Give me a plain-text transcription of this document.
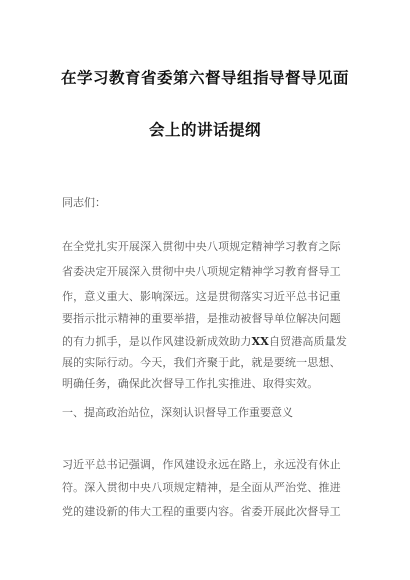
在学习教育省委第六督导组指导督导见面
会上的讲话提纲
同志们：
在全党扎实开展深入贯彻中央八项规定精神学习教育之际
省委决定开展深入贯彻中央八项规定精神学习教育督导工
作，意义重大、影响深远。这是贯彻落实习近平总书记重
要指示批示精神的重要举措，是推动被督导单位解决问题
的有力抓手，是以作风建设新成效助力XX自贸港高质量发
展的实际行动。今天，我们齐聚于此，就是要统一思想、
明确任务，确保此次督导工作扎实推进、取得实效。
一、提高政治站位，深刻认识督导工作重要意义
习近平总书记强调，作风建设永远在路上，永远没有休止
符。深入贯彻中央八项规定精神，是全面从严治党、推进
党的建设新的伟大工程的重要内容。省委开展此次督导工
